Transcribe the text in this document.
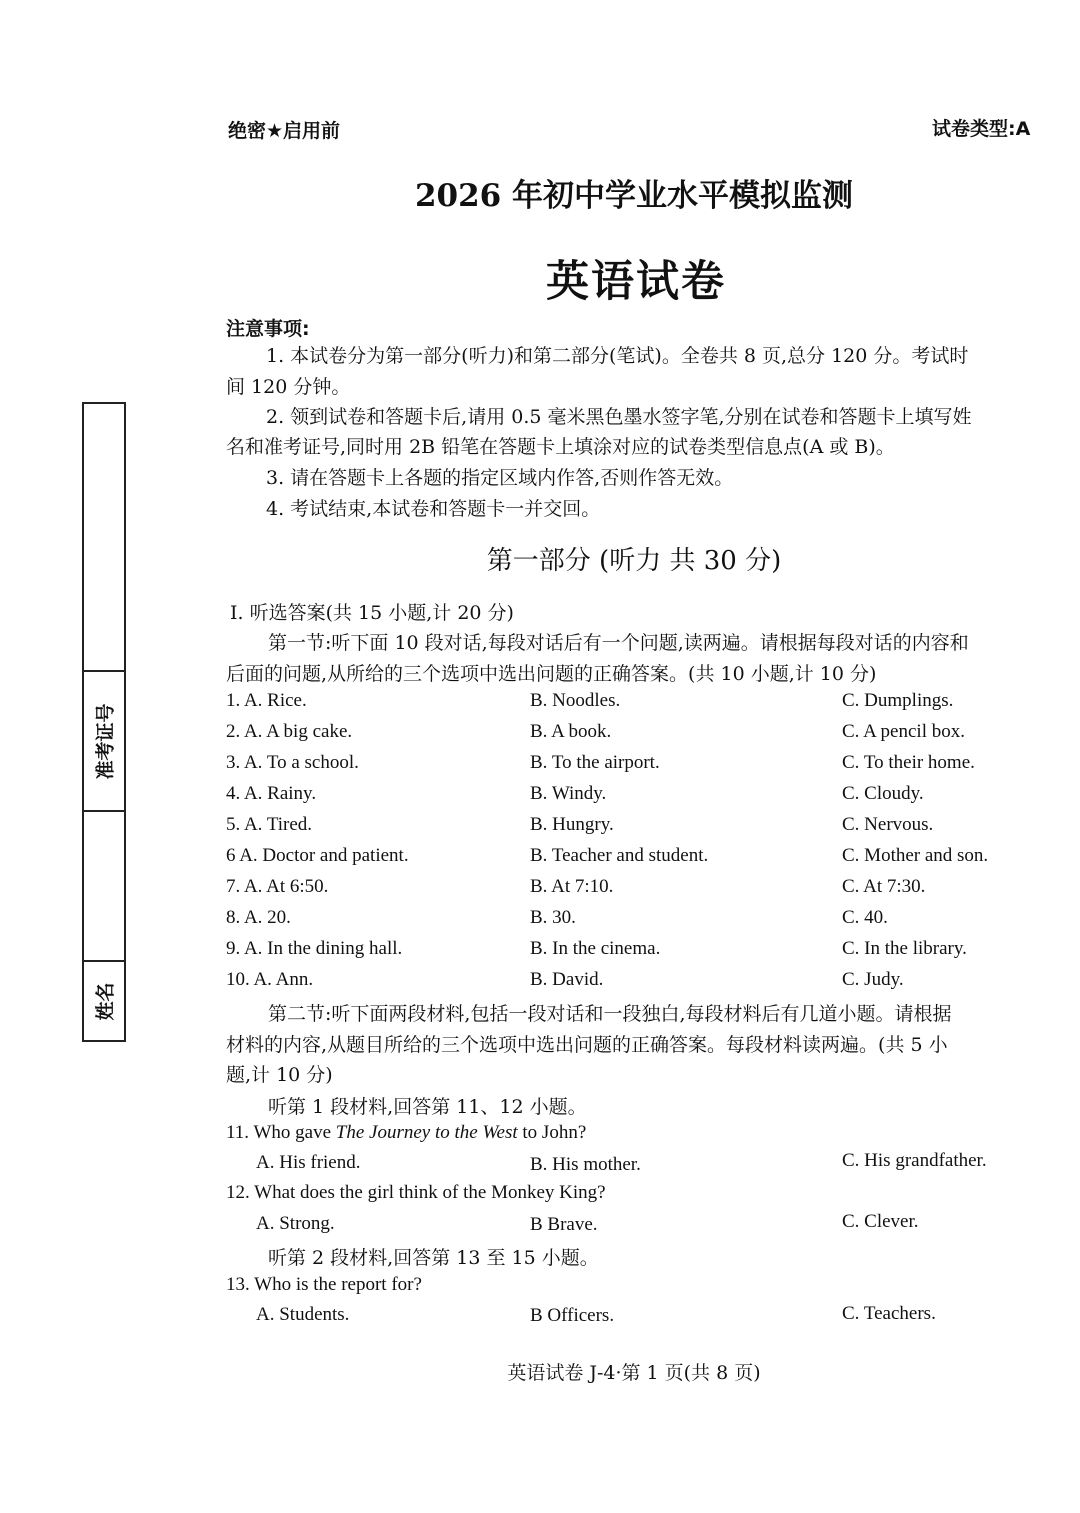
绝密★启用前	试卷类型:A
2026 年初中学业水平模拟监测
英语试卷
准考证号
姓名
注意事项:
1. 本试卷分为第一部分(听力)和第二部分(笔试)。全卷共 8 页,总分 120 分。考试时
间 120 分钟。
2. 领到试卷和答题卡后,请用 0.5 毫米黑色墨水签字笔,分别在试卷和答题卡上填写姓
名和准考证号,同时用 2B 铅笔在答题卡上填涂对应的试卷类型信息点(A 或 B)。
3. 请在答题卡上各题的指定区域内作答,否则作答无效。
4. 考试结束,本试卷和答题卡一并交回。
第一部分 (听力 共 30 分)
Ⅰ. 听选答案(共 15 小题,计 20 分)
第一节:听下面 10 段对话,每段对话后有一个问题,读两遍。请根据每段对话的内容和
后面的问题,从所给的三个选项中选出问题的正确答案。(共 10 小题,计 10 分)
1. A. Rice.	B. Noodles.	C. Dumplings.
2. A. A big cake.	B. A book.	C. A pencil box.
3. A. To a school.	B. To the airport.	C. To their home.
4. A. Rainy.	B. Windy.	C. Cloudy.
5. A. Tired.	B. Hungry.	C. Nervous.
6 A. Doctor and patient.	B. Teacher and student.	C. Mother and son.
7. A. At 6:50.	B. At 7:10.	C. At 7:30.
8. A. 20.	B. 30.	C. 40.
9. A. In the dining hall.	B. In the cinema.	C. In the library.
10. A. Ann.	B. David.	C. Judy.
第二节:听下面两段材料,包括一段对话和一段独白,每段材料后有几道小题。请根据
材料的内容,从题目所给的三个选项中选出问题的正确答案。每段材料读两遍。(共 5 小
题,计 10 分)
听第 1 段材料,回答第 11、12 小题。
11. Who gave The Journey to the West to John?
A. His friend.	B. His mother.	C. His grandfather.
12. What does the girl think of the Monkey King?
A. Strong.	B Brave.	C. Clever.
听第 2 段材料,回答第 13 至 15 小题。
13. Who is the report for?
A. Students.	B Officers.	C. Teachers.
英语试卷 J-4·第 1 页(共 8 页)
